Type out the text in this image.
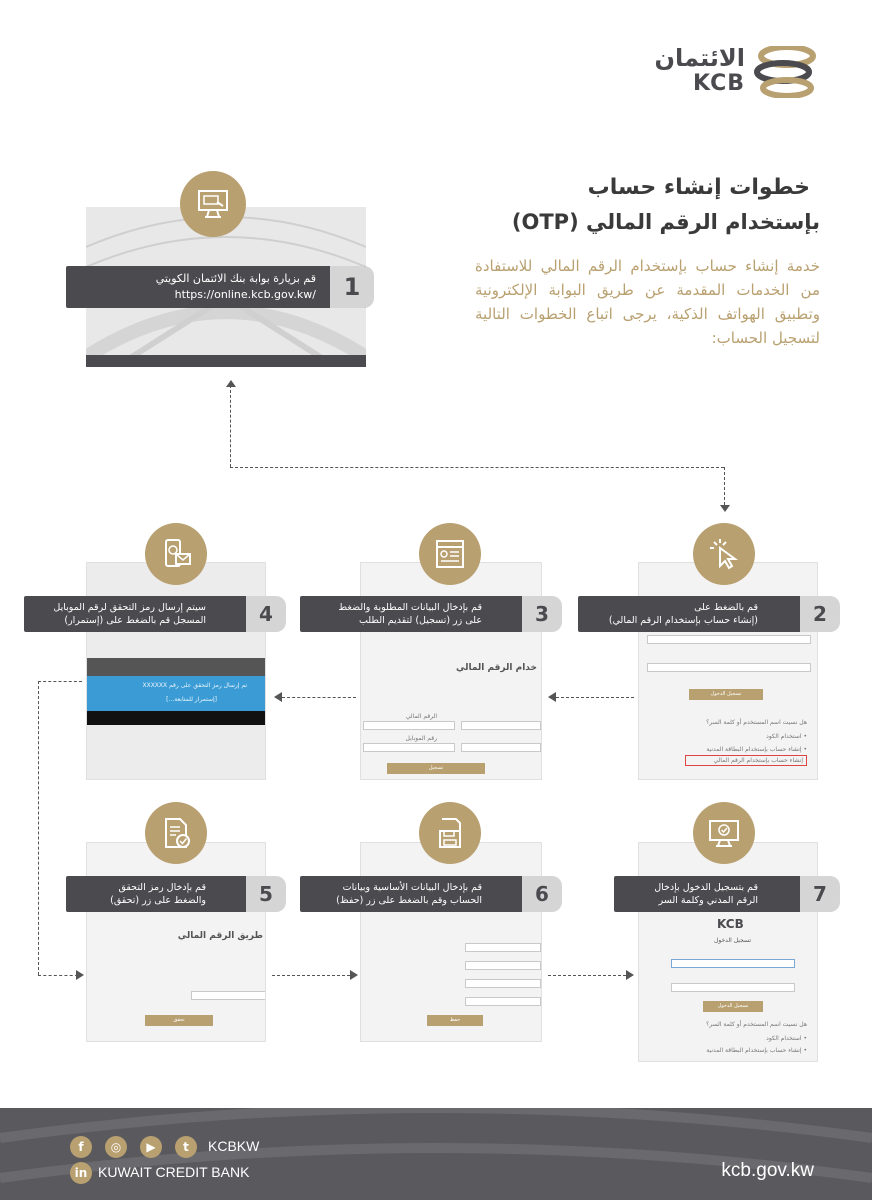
الائتمان
KCB
خطوات إنشاء حساب
بإستخدام الرقم المالي (OTP)
خدمة إنشاء حساب بإستخدام الرقم المالي للاستفادة من الخدمات المقدمة عن طريق البوابة الإلكترونية وتطبيق الهواتف الذكية، يرجى اتباع الخطوات التالية لتسجيل الحساب:
قم بزيارة بوابة بنك الائتمان الكويتي
https://online.kcb.gov.kw/	1
تسجيل الدخول
هل نسيت اسم المستخدم أو كلمة السر؟
• استخدام الكود
• إنشاء حساب بإستخدام البطاقة المدنية
إنشاء حساب بإستخدام الرقم المالي
خدام الرقم المالي
الرقم المالي
رقم الموبايل
تسجيل
تم إرسال رمز التحقق على رقم XXXXXX
[إستمرار للمتابعة...]
قم بالضغط على
(إنشاء حساب بإستخدام الرقم المالي)	2
قم بإدخال البيانات المطلوبة والضغط
على زر (تسجيل) لتقديم الطلب	3
سيتم إرسال رمز التحقق لرقم الموبايل
المسجل قم بالضغط على (إستمرار)	4
طريق الرقم المالي
تحقق	حفظ
KCB
تسجيل الدخول
تسجيل الدخول
هل نسيت اسم المستخدم أو كلمة السر؟
• استخدام الكود
• إنشاء حساب بإستخدام البطاقة المدنية
قم بإدخال رمز التحقق
والضغط على زر (تحقق)	5	قم بإدخال البيانات الأساسية وبيانات
الحساب وقم بالضغط على زر (حفظ)	6	قم بتسجيل الدخول بإدخال
الرقم المدني وكلمة السر	7
f	◎	▶	t	KCBKW
in KUWAIT CREDIT BANK	kcb.gov.kw
